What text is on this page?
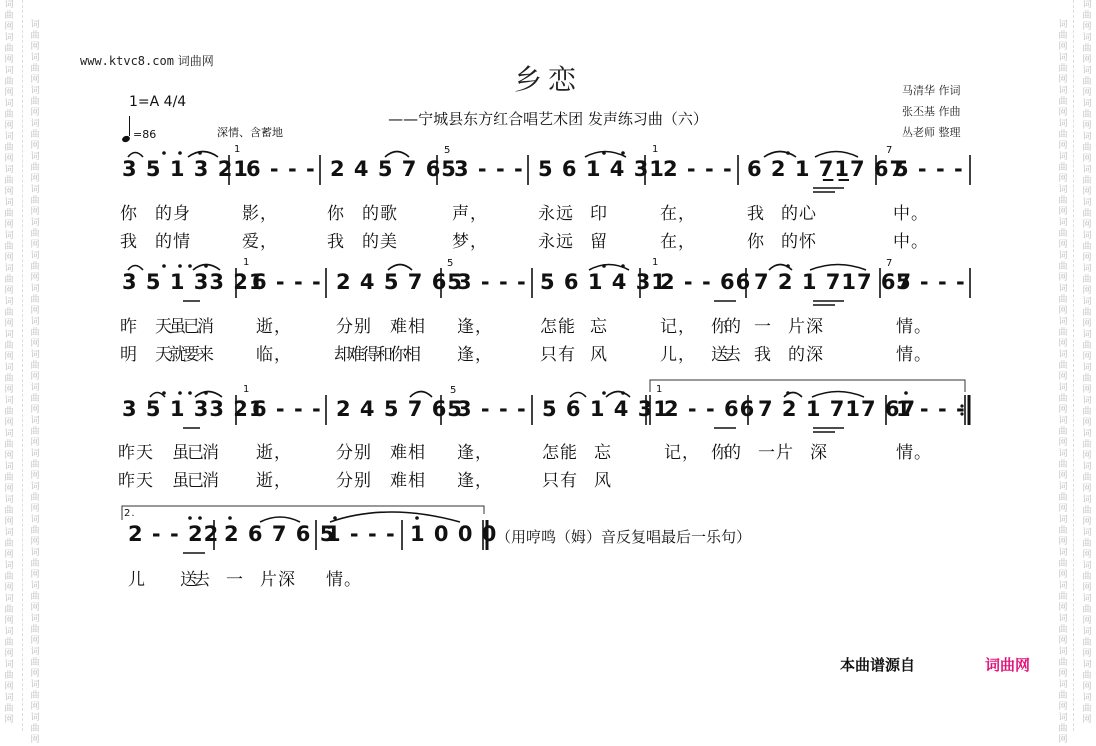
词曲网词曲网词曲网词曲网词曲网词曲网词曲网词曲网词曲网词曲网词曲网词曲网词曲网词曲网词曲网词曲网词曲网词曲网词曲网词曲网词曲网词曲网
词曲网词曲网词曲网词曲网词曲网词曲网词曲网词曲网词曲网词曲网词曲网词曲网词曲网词曲网词曲网词曲网词曲网词曲网词曲网词曲网词曲网词曲网
词曲网词曲网词曲网词曲网词曲网词曲网词曲网词曲网词曲网词曲网词曲网词曲网词曲网词曲网词曲网词曲网词曲网词曲网词曲网词曲网词曲网词曲网
词曲网词曲网词曲网词曲网词曲网词曲网词曲网词曲网词曲网词曲网词曲网词曲网词曲网词曲网词曲网词曲网词曲网词曲网词曲网词曲网词曲网词曲网
www.ktvc8.com 词曲网
乡恋
——宁城县东方红合唱艺术团 发声练习曲（六）
马清华 作词
张丕基 作曲
丛老师 整理
1=A 4/4
=86	深情、含蓄地
1	5	1	7
1	5	1	7
1	5	1
3 5 1 3 21
6 - - - 2 4 5 7 65
3 - - - 5 6 1 4 31
2 - - - 6 2 1 7̲1̲7 67
5 - - -
3 5 1 33 21
6 - - - 2 4 5 7 65
3 - - - 5 6 1 4 31
2 - - 66 7 2 1 717 67
5 - - -
3 5 1 33 21
6 - - - 2 4 5 7 65
3 - - - 5 6 1 4 31
2 - - 66 7 2 1 717 67
1 - - -
2.
2 - - 22 2 6 7 6 5
1 - - - 1 0 0 0
（用哼鸣（姆）音反复唱最后一乐句）
你 的身	影，	你 的歌	声，	永远 印	在，	我 的心	中。
我 的情	爱，	我 的美	梦，	永远 留	在，	你 的怀	中。
昨 天虽已消	逝，	分别 难相 逢，	怎能 忘	记， 你的 一 片深	情。
明 天就要来	临， 却难得和你相 逢，	只有 风	儿， 送去 我 的深	情。
昨天 虽已消 逝，	分别 难相 逢，	怎能 忘	记， 你的 一片 深	情。
昨天 虽已消 逝，	分别 难相 逢，	只有 风
儿 送去 一 片深 情。
本曲谱源自	词曲网
